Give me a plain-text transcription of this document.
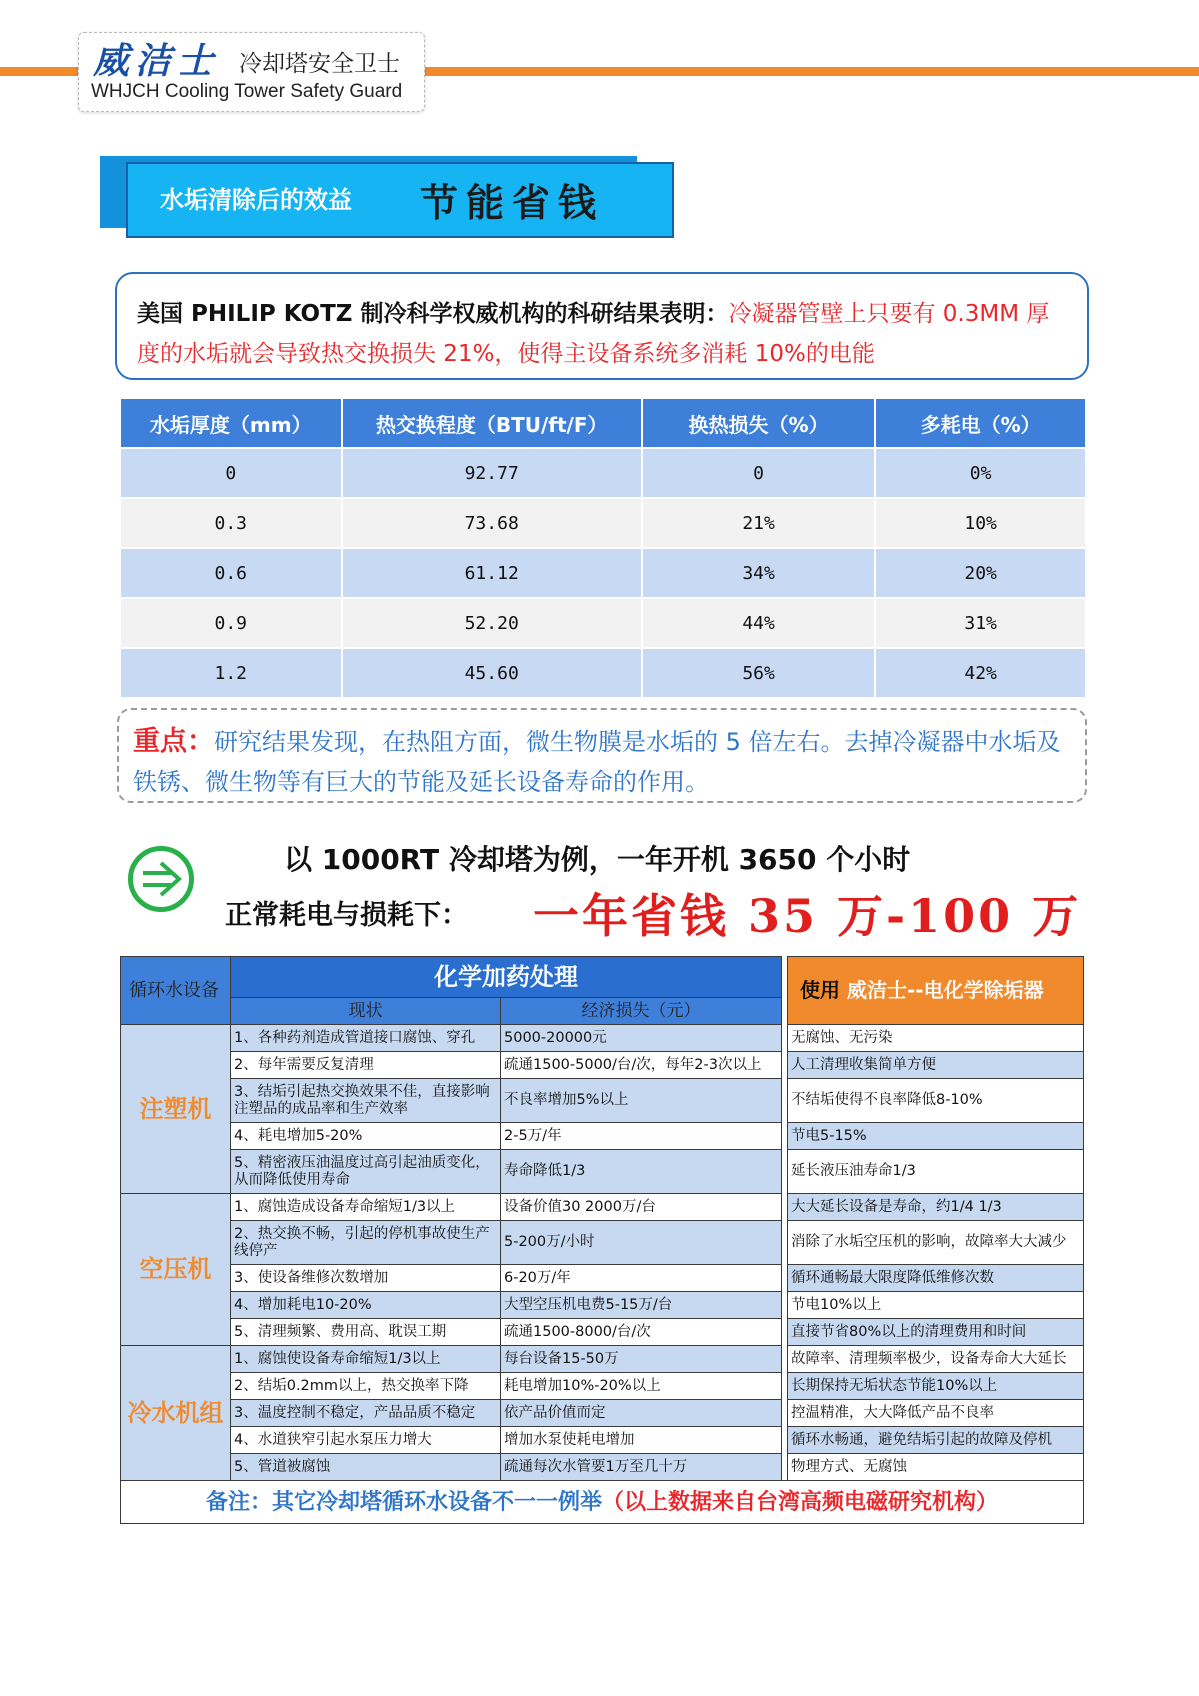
威洁士 冷却塔安全卫士
WHJCH Cooling Tower Safety Guard
水垢清除后的效益 节能省钱
美国 PHILIP KOTZ 制冷科学权威机构的科研结果表明：冷凝器管壁上只要有 0.3MM 厚度的水垢就会导致热交换损失 21%，使得主设备系统多消耗 10%的电能
水垢厚度（mm）	热交换程度（BTU/ft/F）	换热损失（%）	多耗电（%）
0	92.77	0	0%
0.3	73.68	21%	10%
0.6	61.12	34%	20%
0.9	52.20	44%	31%
1.2	45.60	56%	42%
重点：研究结果发现，在热阻方面，微生物膜是水垢的 5 倍左右。去掉冷凝器中水垢及铁锈、微生物等有巨大的节能及延长设备寿命的作用。
以 1000RT 冷却塔为例，一年开机 3650 个小时
正常耗电与损耗下： 一年省钱 35 万-100 万
循环水设备	化学加药处理			使用 威洁士--电化学除垢器
	现状	经济损失（元）		
注塑机	1、各种药剂造成管道接口腐蚀、穿孔	5000-20000元		无腐蚀、无污染
	2、每年需要反复清理	疏通1500-5000/台/次，每年2-3次以上		人工清理收集简单方便
	3、结垢引起热交换效果不佳，直接影响注塑品的成品率和生产效率	不良率增加5%以上		不结垢使得不良率降低8-10%
	4、耗电增加5-20%	2-5万/年		节电5-15%
	5、精密液压油温度过高引起油质变化，从而降低使用寿命	寿命降低1/3		延长液压油寿命1/3
空压机	1、腐蚀造成设备寿命缩短1/3以上	设备价值30 2000万/台		大大延长设备是寿命，约1/4 1/3
	2、热交换不畅，引起的停机事故使生产线停产	5-200万/小时		消除了水垢空压机的影响，故障率大大减少
	3、使设备维修次数增加	6-20万/年		循环通畅最大限度降低维修次数
	4、增加耗电10-20%	大型空压机电费5-15万/台		节电10%以上
	5、清理频繁、费用高、耽误工期	疏通1500-8000/台/次		直接节省80%以上的清理费用和时间
冷水机组	1、腐蚀使设备寿命缩短1/3以上	每台设备15-50万		故障率、清理频率极少，设备寿命大大延长
	2、结垢0.2mm以上，热交换率下降	耗电增加10%-20%以上		长期保持无垢状态节能10%以上
	3、温度控制不稳定，产品品质不稳定	依产品价值而定		控温精准，大大降低产品不良率
	4、水道狭窄引起水泵压力增大	增加水泵使耗电增加		循环水畅通，避免结垢引起的故障及停机
	5、管道被腐蚀	疏通每次水管要1万至几十万		物理方式、无腐蚀
备注：其它冷却塔循环水设备不一一例举（以上数据来自台湾高频电磁研究机构）				
